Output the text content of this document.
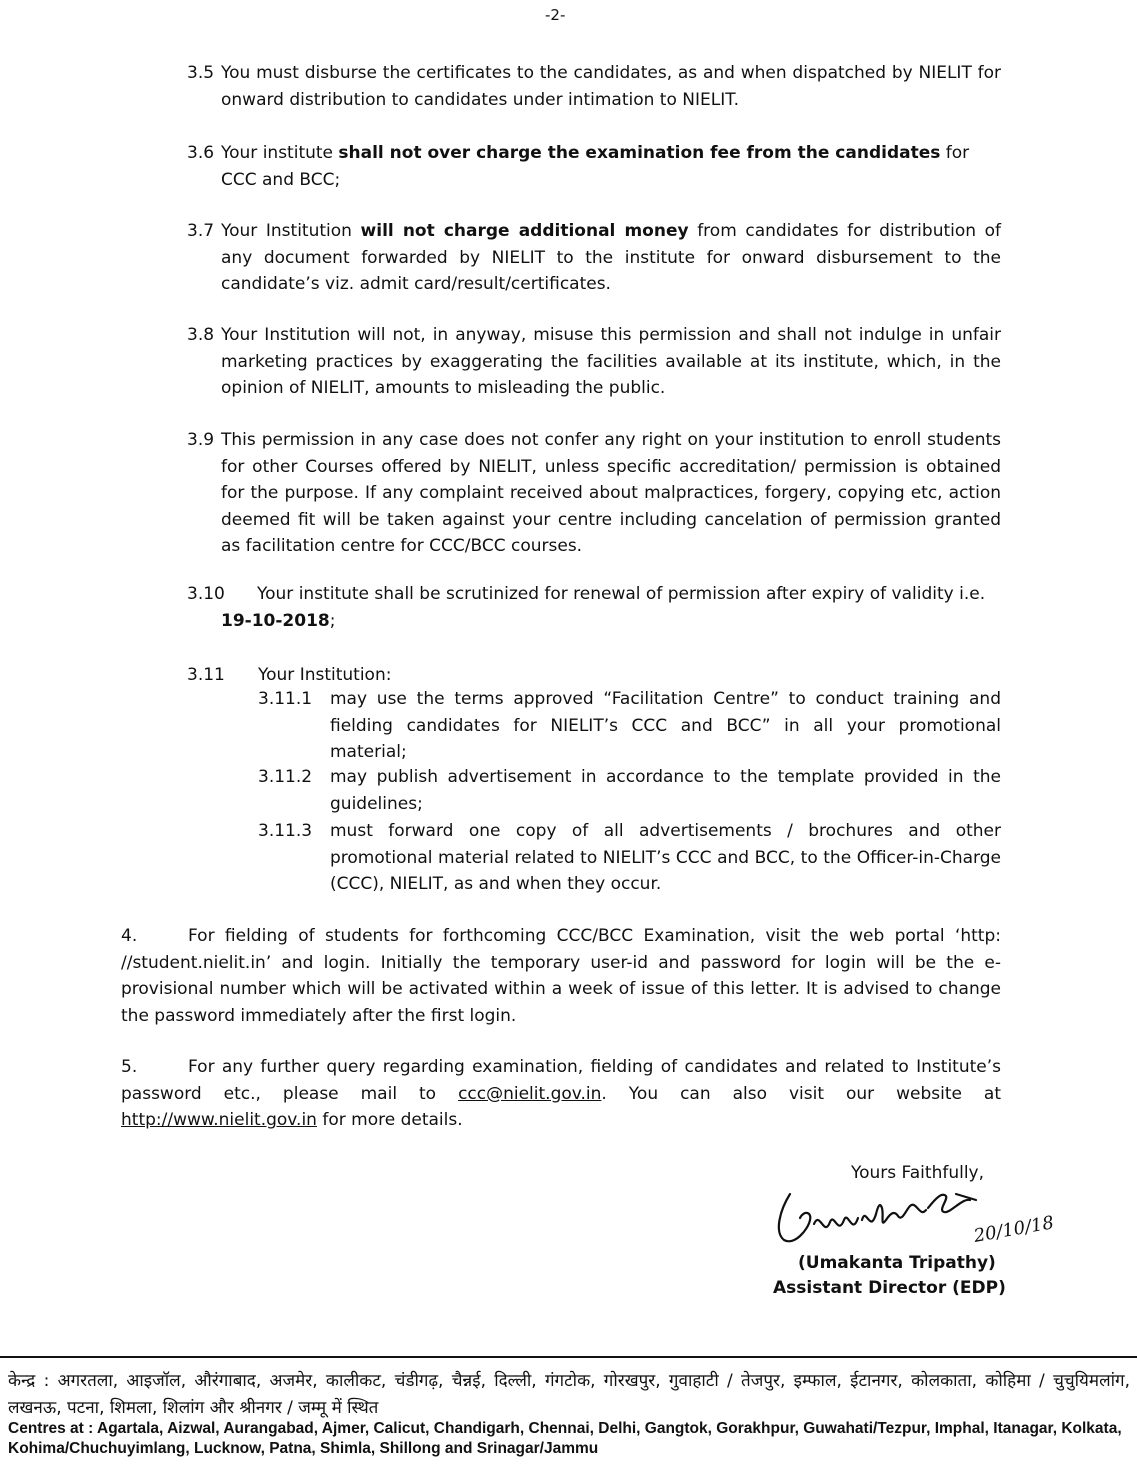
-2-
3.5 You must disburse the certificates to the candidates, as and when dispatched by NIELIT for onward distribution to candidates under intimation to NIELIT.
3.6 Your institute shall not over charge the examination fee from the candidates for CCC and BCC;
3.7 Your Institution will not charge additional money from candidates for distribution of any document forwarded by NIELIT to the institute for onward disbursement to the candidate’s viz. admit card/result/certificates.
3.8 Your Institution will not, in anyway, misuse this permission and shall not indulge in unfair marketing practices by exaggerating the facilities available at its institute, which, in the opinion of NIELIT, amounts to misleading the public.
3.9 This permission in any case does not confer any right on your institution to enroll students for other Courses offered by NIELIT, unless specific accreditation/ permission is obtained for the purpose. If any complaint received about malpractices, forgery, copying etc, action deemed fit will be taken against your centre including cancelation of permission granted as facilitation centre for CCC/BCC courses.
3.10	Your institute shall be scrutinized for renewal of permission after expiry of validity i.e. 19-10-2018;
3.11 Your Institution:
3.11.1 may use the terms approved “Facilitation Centre” to conduct training and fielding candidates for NIELIT’s CCC and BCC” in all your promotional material;
3.11.2 may publish advertisement in accordance to the template provided in the guidelines;
3.11.3 must forward one copy of all advertisements / brochures and other promotional material related to NIELIT’s CCC and BCC, to the Officer-in-Charge (CCC), NIELIT, as and when they occur.
4.	For fielding of students for forthcoming CCC/BCC Examination, visit the web portal ‘http: //student.nielit.in’ and login. Initially the temporary user-id and password for login will be the e-provisional number which will be activated within a week of issue of this letter. It is advised to change the password immediately after the first login.
5.	For any further query regarding examination, fielding of candidates and related to Institute’s password etc., please mail to ccc@nielit.gov.in. You can also visit our website at http://www.nielit.gov.in for more details.
Yours Faithfully,
20/10/18
(Umakanta Tripathy)
Assistant Director (EDP)
केन्द्र : अगरतला, आइजॉल, औरंगाबाद, अजमेर, कालीकट, चंडीगढ़, चैन्नई, दिल्ली, गंगटोक, गोरखपुर, गुवाहाटी / तेजपुर, इम्फाल, ईटानगर, कोलकाता, कोहिमा / चुचुयिमलांग, लखनऊ, पटना, शिमला, शिलांग और श्रीनगर / जम्मू में स्थित
Centres at : Agartala, Aizwal, Aurangabad, Ajmer, Calicut, Chandigarh, Chennai, Delhi, Gangtok, Gorakhpur, Guwahati/Tezpur, Imphal, Itanagar, Kolkata, Kohima/Chuchuyimlang, Lucknow, Patna, Shimla, Shillong and Srinagar/Jammu
